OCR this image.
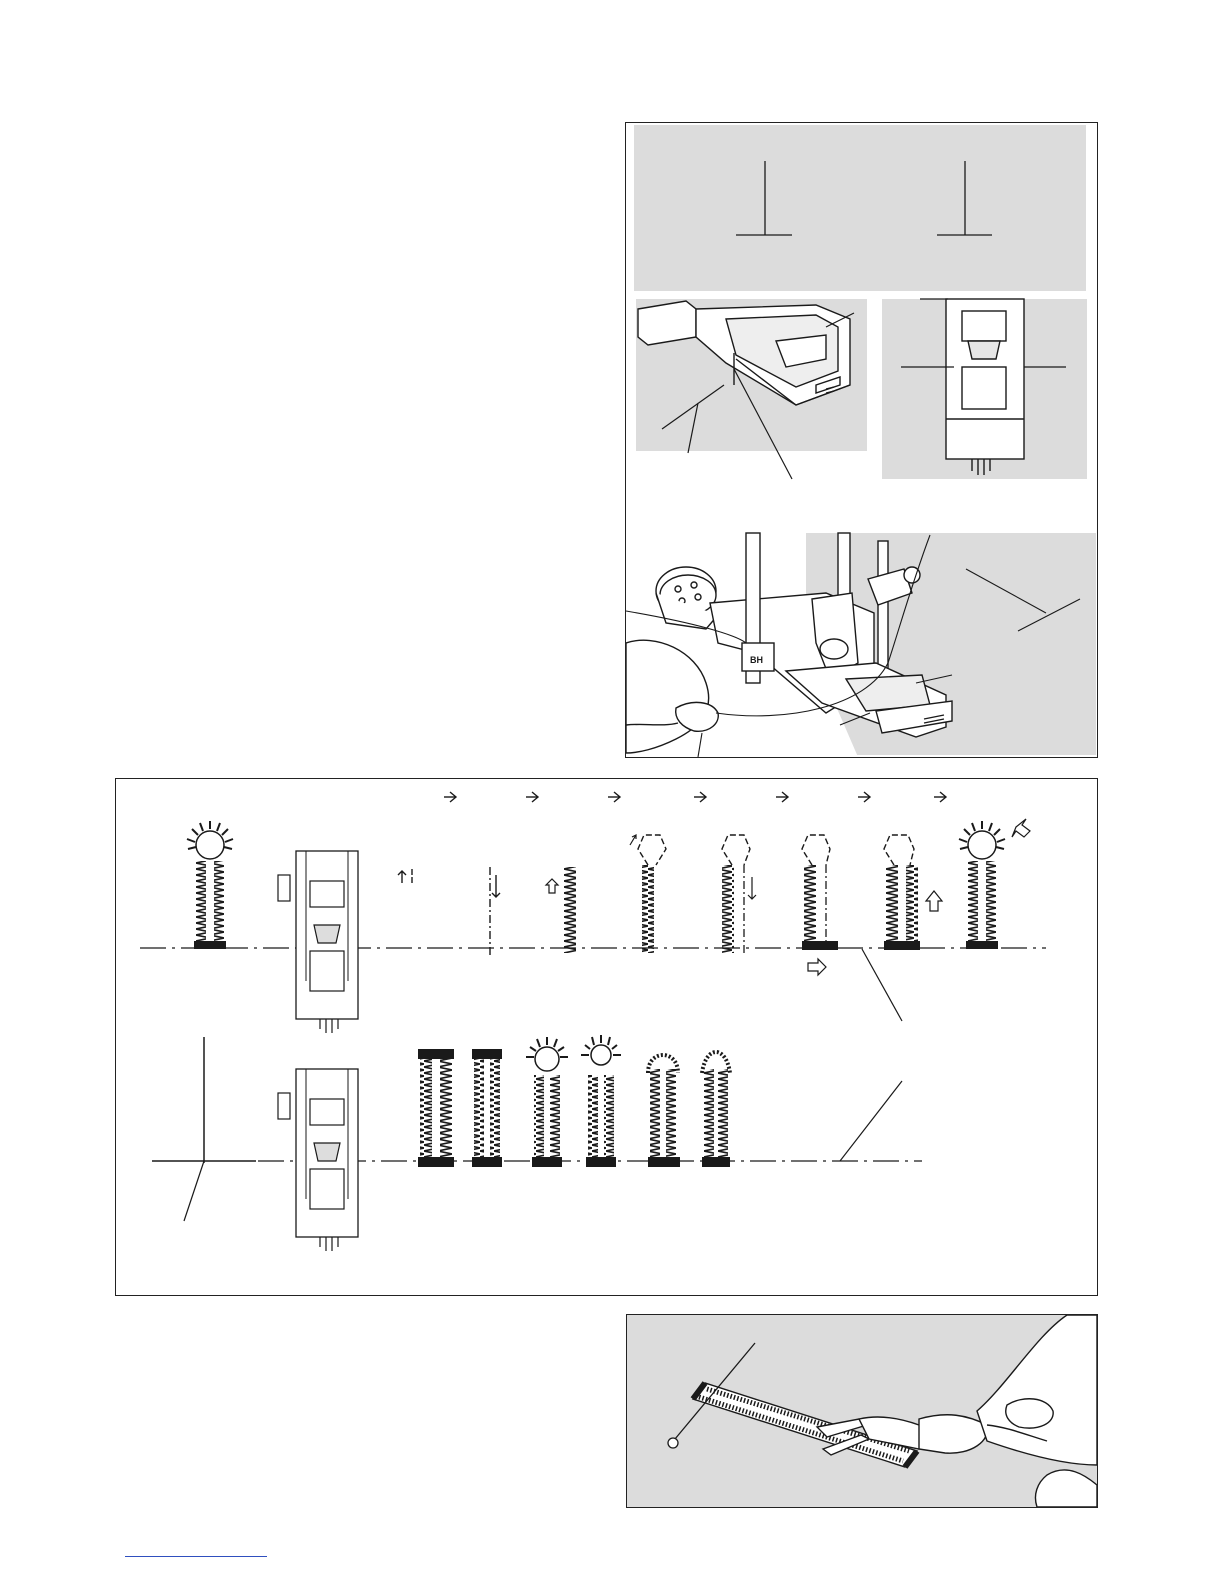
BH
